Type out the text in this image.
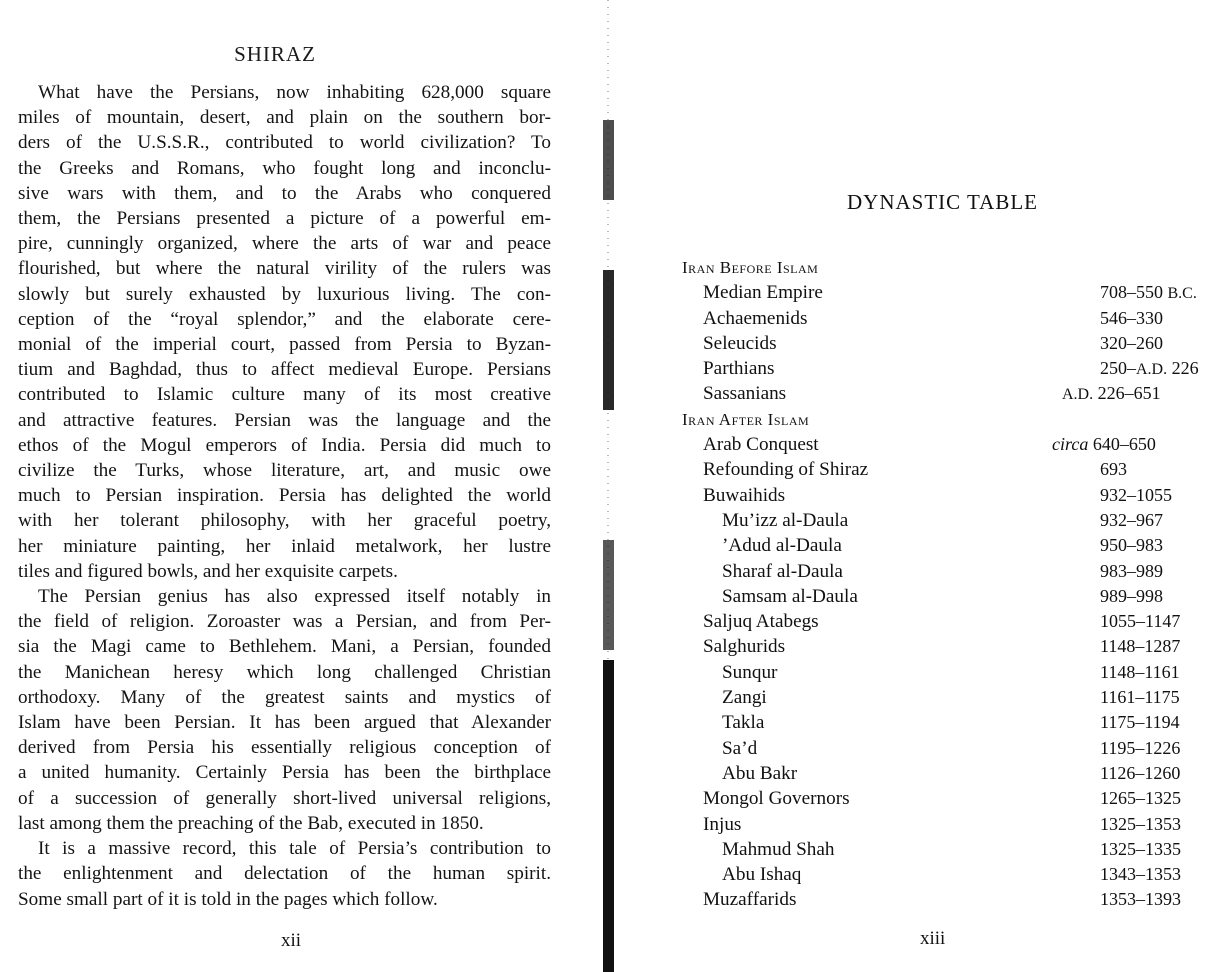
SHIRAZ

What have the Persians, now inhabiting 628,000 square
miles of mountain, desert, and plain on the southern bor-
ders of the U.S.S.R., contributed to world civilization? To
the Greeks and Romans, who fought long and inconclu-
sive wars with them, and to the Arabs who conquered
them, the Persians presented a picture of a powerful em-
pire, cunningly organized, where the arts of war and peace
flourished, but where the natural virility of the rulers was
slowly but surely exhausted by luxurious living. The con-
ception of the “royal splendor,” and the elaborate cere-
monial of the imperial court, passed from Persia to Byzan-
tium and Baghdad, thus to affect medieval Europe. Persians
contributed to Islamic culture many of its most creative
and attractive features. Persian was the language and the
ethos of the Mogul emperors of India. Persia did much to
civilize the Turks, whose literature, art, and music owe
much to Persian inspiration. Persia has delighted the world
with her tolerant philosophy, with her graceful poetry,
her miniature painting, her inlaid metalwork, her lustre
tiles and figured bowls, and her exquisite carpets.

The Persian genius has also expressed itself notably in
the field of religion. Zoroaster was a Persian, and from Per-
sia the Magi came to Bethlehem. Mani, a Persian, founded
the Manichean heresy which long challenged Christian
orthodoxy. Many of the greatest saints and mystics of
Islam have been Persian. It has been argued that Alexander
derived from Persia his essentially religious conception of
a united humanity. Certainly Persia has been the birthplace
of a succession of generally short-lived universal religions,
last among them the preaching of the Bab, executed in 1850.

It is a massive record, this tale of Persia’s contribution to
the enlightenment and delectation of the human spirit.
Some small part of it is told in the pages which follow.

xii
DYNASTIC TABLE
Iran Before Islam
Median Empire	708–550 B.C.
Achaemenids	546–330
Seleucids	320–260
Parthians	250–A.D. 226
Sassanians	A.D. 226–651
Iran After Islam
Arab Conquest	circa 640–650
Refounding of Shiraz	693
Buwaihids	932–1055
Mu’izz al-Daula	932–967
’Adud al-Daula	950–983
Sharaf al-Daula	983–989
Samsam al-Daula	989–998
Saljuq Atabegs	1055–1147
Salghurids	1148–1287
Sunqur	1148–1161
Zangi	1161–1175
Takla	1175–1194
Sa’d	1195–1226
Abu Bakr	1126–1260
Mongol Governors	1265–1325
Injus	1325–1353
Mahmud Shah	1325–1335
Abu Ishaq	1343–1353
Muzaffarids	1353–1393
xiii
